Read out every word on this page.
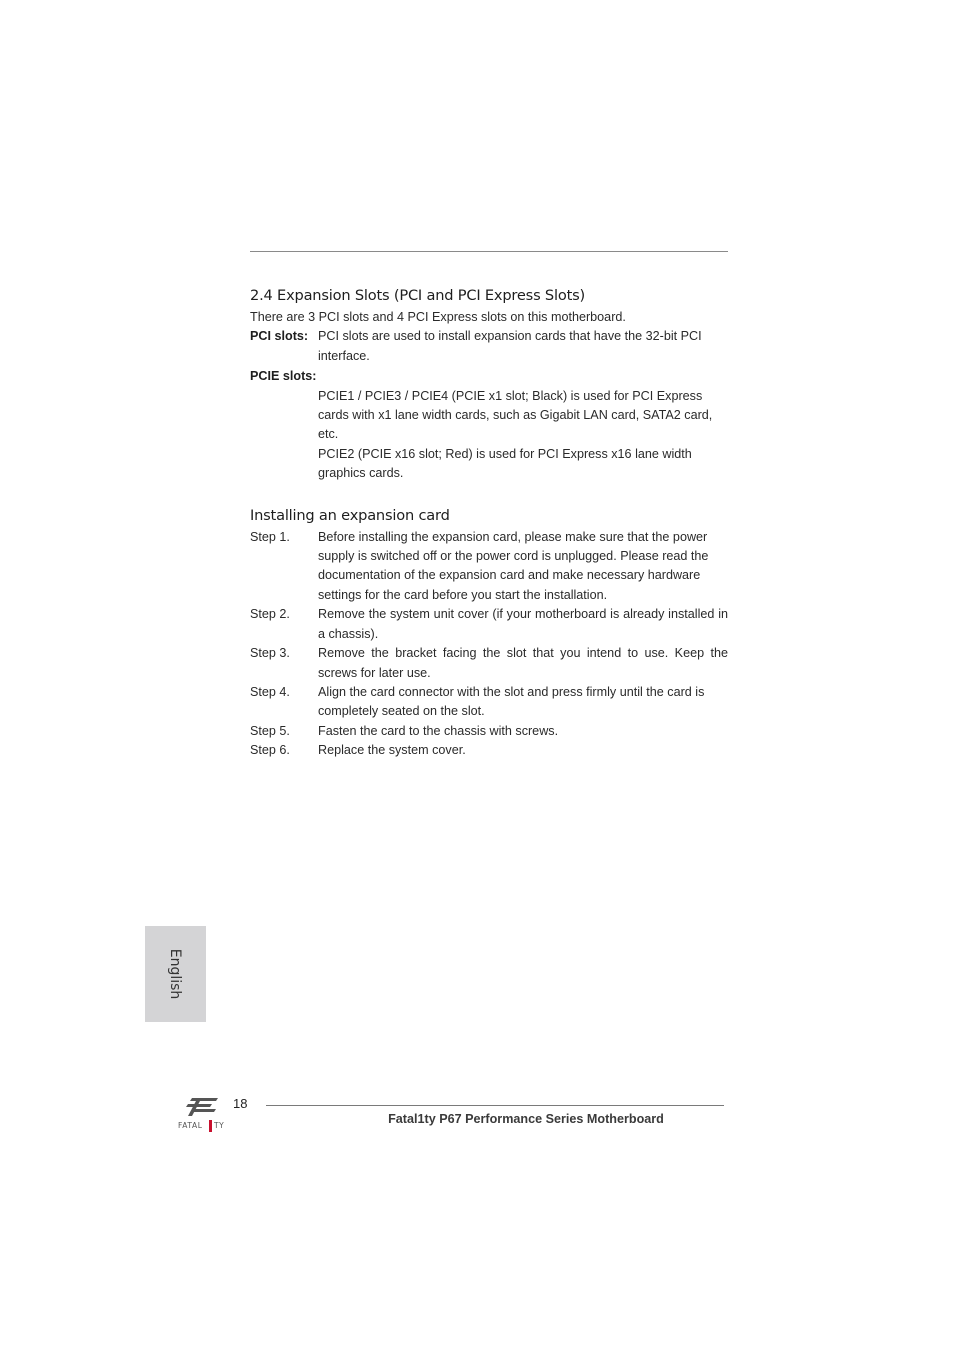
2.4 Expansion Slots (PCI and PCI Express Slots)

There are 3 PCI slots and 4 PCI Express slots on this motherboard.

PCI slots: PCI slots are used to install expansion cards that have the 32-bit PCI interface.
PCIE slots:

PCIE1 / PCIE3 / PCIE4 (PCIE x1 slot; Black) is used for PCI Express cards with x1 lane width cards, such as Gigabit LAN card, SATA2 card, etc.

PCIE2 (PCIE x16 slot; Red) is used for PCI Express x16 lane width graphics cards.

Installing an expansion card
Step 1.	Before installing the expansion card, please make sure that the power supply is switched off or the power cord is unplugged. Please read the documentation of the expansion card and make necessary hardware settings for the card before you start the installation.
Step 2.	Remove the system unit cover (if your motherboard is already installed in a chassis).
Step 3.	Remove the bracket facing the slot that you intend to use. Keep the screws for later use.
Step 4.	Align the card connector with the slot and press firmly until the card is completely seated on the slot.
Step 5.	Fasten the card to the chassis with screws.
Step 6.	Replace the system cover.
English
FATAL TY
18
Fatal1ty P67 Performance Series Motherboard
